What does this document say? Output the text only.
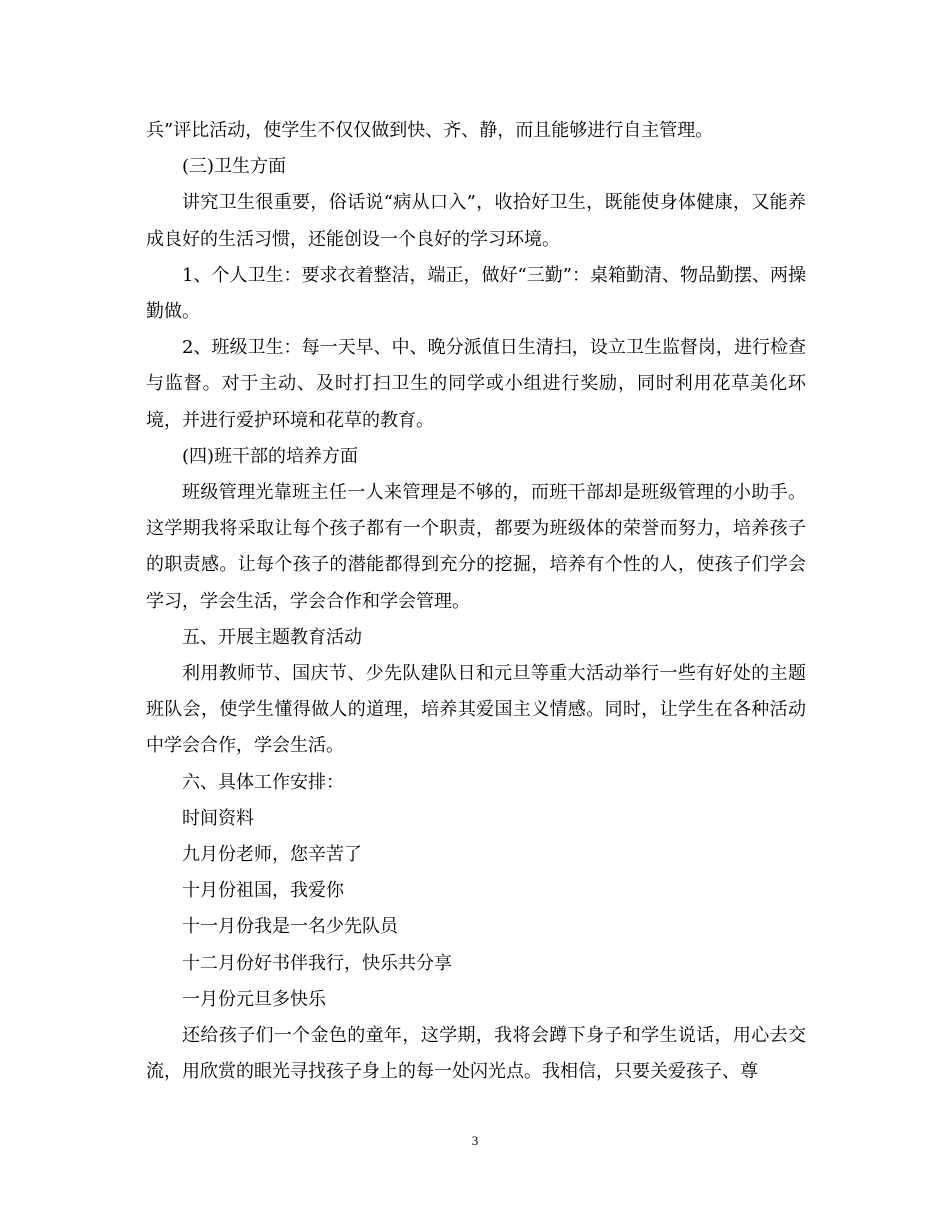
兵”评比活动，使学生不仅仅做到快、齐、静，而且能够进行自主管理。

(三)卫生方面

讲究卫生很重要，俗话说“病从口入”，收拾好卫生，既能使身体健康，又能养成良好的生活习惯，还能创设一个良好的学习环境。

1、个人卫生：要求衣着整洁，端正，做好“三勤”：桌箱勤清、物品勤摆、两操勤做。

2、班级卫生：每一天早、中、晚分派值日生清扫，设立卫生监督岗，进行检查与监督。对于主动、及时打扫卫生的同学或小组进行奖励，同时利用花草美化环境，并进行爱护环境和花草的教育。

(四)班干部的培养方面

班级管理光靠班主任一人来管理是不够的，而班干部却是班级管理的小助手。这学期我将采取让每个孩子都有一个职责，都要为班级体的荣誉而努力，培养孩子的职责感。让每个孩子的潜能都得到充分的挖掘，培养有个性的人，使孩子们学会学习，学会生活，学会合作和学会管理。

五、开展主题教育活动

利用教师节、国庆节、少先队建队日和元旦等重大活动举行一些有好处的主题班队会，使学生懂得做人的道理，培养其爱国主义情感。同时，让学生在各种活动中学会合作，学会生活。

六、具体工作安排：

时间资料

九月份老师，您辛苦了

十月份祖国，我爱你

十一月份我是一名少先队员

十二月份好书伴我行，快乐共分享

一月份元旦多快乐

还给孩子们一个金色的童年，这学期，我将会蹲下身子和学生说话，用心去交流，用欣赏的眼光寻找孩子身上的每一处闪光点。我相信，只要关爱孩子、尊

3
